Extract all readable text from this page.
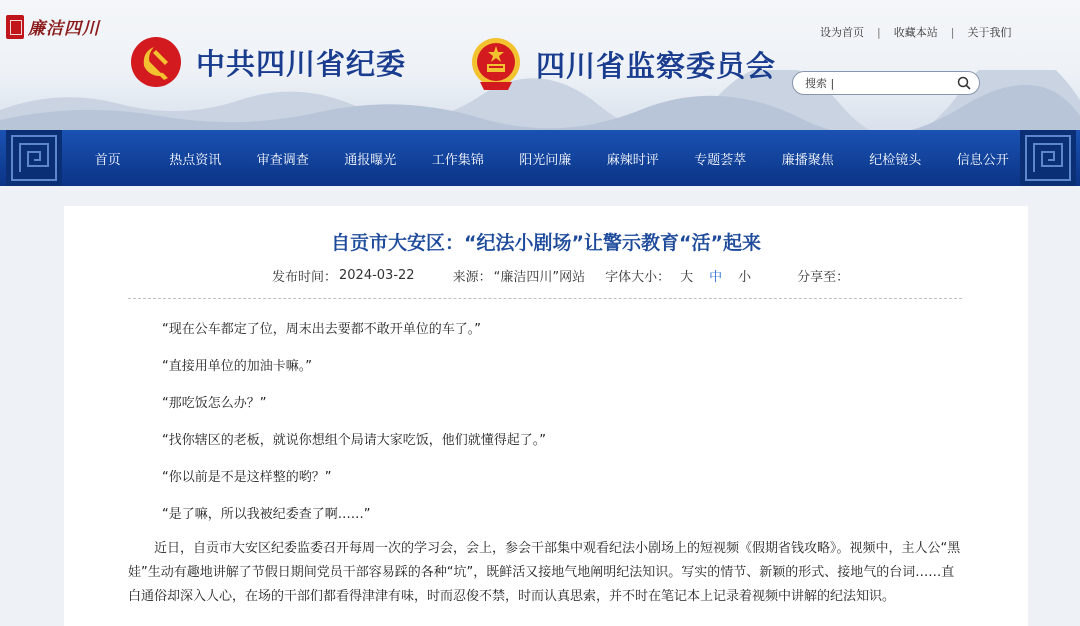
廉洁四川	设为首页 | 收藏本站 | 关于我们
中共四川省纪委	四川省监察委员会
搜索 |
首页	热点资讯	审查调查	通报曝光	工作集锦	阳光问廉	麻辣时评	专题荟萃	廉播聚焦	纪检镜头	信息公开
自贡市大安区：“纪法小剧场”让警示教育“活”起来
发布时间： 2024-03-22	来源： “廉洁四川”网站 字体大小： 大 中 小	分享至：

“现在公车都定了位，周末出去要都不敢开单位的车了。”

“直接用单位的加油卡嘛。”

“那吃饭怎么办？”

“找你辖区的老板，就说你想组个局请大家吃饭，他们就懂得起了。”

“你以前是不是这样整的哟？”

“是了嘛，所以我被纪委查了啊……”

近日，自贡市大安区纪委监委召开每周一次的学习会，会上，参会干部集中观看纪法小剧场上的短视频《假期省钱攻略》。视频中，主人公“黑娃”生动有趣地讲解了节假日期间党员干部容易踩的各种“坑”，既鲜活又接地气地阐明纪法知识。写实的情节、新颖的形式、接地气的台词……直白通俗却深入人心，在场的干部们都看得津津有味，时而忍俊不禁，时而认真思索，并不时在笔记本上记录着视频中讲解的纪法知识。
